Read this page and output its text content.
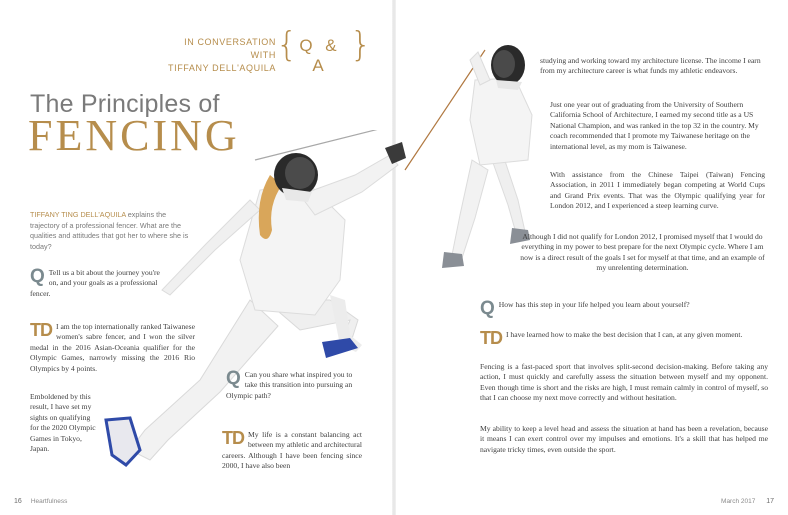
IN CONVERSATION WITH
TIFFANY DELL'AQUILA
{ Q & A
}
The Principles of
FENCING
TIFFANY TING DELL'AQUILA explains the trajectory of a professional fencer. What are the qualities and attitudes that got her to where she is today?
Q Tell us a bit about the journey you're on, and your goals as a professional fencer.
TD I am the top internationally ranked Taiwanese women's sabre fencer, and I won the silver medal in the 2016 Asian-Oceania qualifier for the Olympic Games, narrowly missing the 2016 Rio Olympics by 4 points.
Emboldened by this result, I have set my sights on qualifying for the 2020 Olympic Games in Tokyo, Japan.
Q Can you share what inspired you to take this transition into pursuing an Olympic path?
TD My life is a constant balancing act between my athletic and architectural careers. Although I have been fencing since 2000, I have also been
studying and working toward my architecture license. The income I earn from my architecture career is what funds my athletic endeavors.
Just one year out of graduating from the University of Southern California School of Architecture, I earned my second title as a US National Champion, and was ranked in the top 32 in the country. My coach recommended that I promote my Taiwanese heritage on the international level, as my mom is Taiwanese.
With assistance from the Chinese Taipei (Taiwan) Fencing Association, in 2011 I immediately began competing at World Cups and Grand Prix events. That was the Olympic qualifying year for London 2012, and I experienced a steep learning curve.
Although I did not qualify for London 2012, I promised myself that I would do everything in my power to best prepare for the next Olympic cycle. Where I am now is a direct result of the goals I set for myself at that time, and an example of my unrelenting determination.
Q How has this step in your life helped you learn about yourself?
TD I have learned how to make the best decision that I can, at any given moment.
Fencing is a fast-paced sport that involves split-second decision-making. Before taking any action, I must quickly and carefully assess the situation between myself and my opponent. Even though time is short and the risks are high, I must remain calmly in control of myself, so that I can choose my next move correctly and without hesitation.
My ability to keep a level head and assess the situation at hand has been a revelation, because it means I can exert control over my impulses and emotions. It's a skill that has helped me navigate tricky times, even outside the sport.
16 Heartfulness	March 2017 17
